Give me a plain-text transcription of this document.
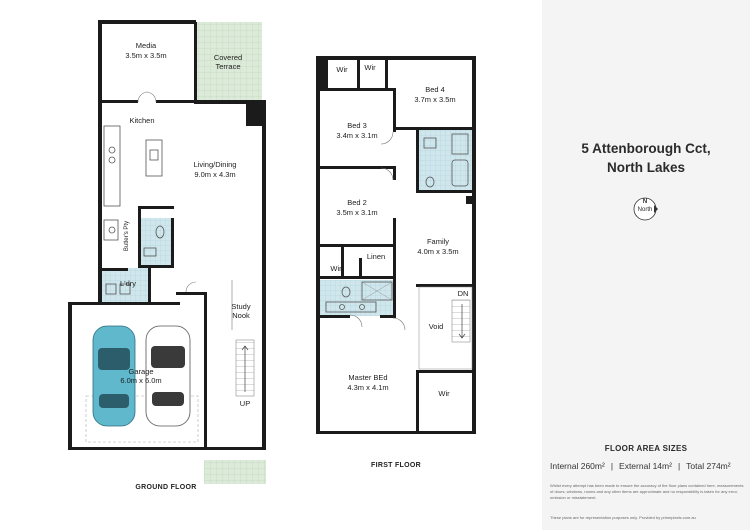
Media
3.5m x 3.5m	Covered
Terrace
Kitchen
Living/Dining
9.0m x 4.3m
Butler's Pty
L'dry
Study
Nook
Garage
6.0m x 6.0m
UP
GROUND FLOOR
Wir Wir
Bed 4
3.7m x 3.5m
Bed 3
3.4m x 3.1m
Bed 2
3.5m x 3.1m
Wir
Linen
Family
4.0m x 3.5m
DN
Void
Master BEd
4.3m x 4.1m
Wir
FIRST FLOOR
5 Attenborough Cct,
North Lakes
N
North
FLOOR AREA SIZES
Internal 260m² | External 14m² | Total 274m²
Whilst every attempt has been made to ensure the accuracy of the floor plans contained here, measurements of doors, windows, rooms and any other items are approximate and no responsibility is taken for any error, omission or misstatement.
These plans are for representation purposes only. Provided by primepixels.com.au
